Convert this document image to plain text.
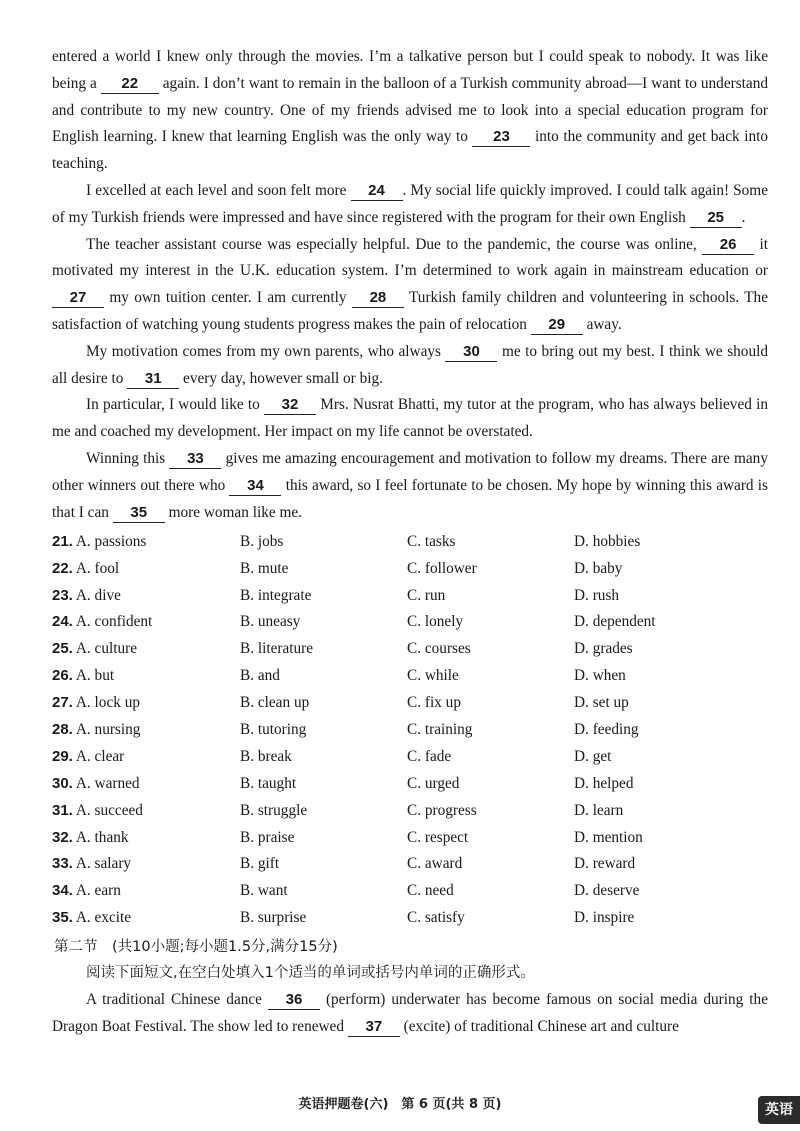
entered a world I knew only through the movies. I’m a talkative person but I could speak to nobody. It was like being a 22 again. I don’t want to remain in the balloon of a Turkish community abroad—I want to understand and contribute to my new country. One of my friends advised me to look into a special education program for English learning. I knew that learning English was the only way to 23 into the community and get back into teaching.

I excelled at each level and soon felt more 24 . My social life quickly improved. I could talk again! Some of my Turkish friends were impressed and have since registered with the program for their own English 25 .

The teacher assistant course was especially helpful. Due to the pandemic, the course was online, 26 it motivated my interest in the U.K. education system. I’m determined to work again in mainstream education or 27 my own tuition center. I am currently 28 Turkish family children and volunteering in schools. The satisfaction of watching young students progress makes the pain of relocation 29 away.

My motivation comes from my own parents, who always 30 me to bring out my best. I think we should all desire to 31 every day, however small or big.

In particular, I would like to 32 Mrs. Nusrat Bhatti, my tutor at the program, who has always believed in me and coached my development. Her impact on my life cannot be overstated.

Winning this 33 gives me amazing encouragement and motivation to follow my dreams. There are many other winners out there who 34 this award, so I feel fortunate to be chosen. My hope by winning this award is that I can 35 more woman like me.

21. A. passions	B. jobs	C. tasks	D. hobbies
22. A. fool	B. mute	C. follower	D. baby
23. A. dive	B. integrate	C. run	D. rush
24. A. confident	B. uneasy	C. lonely	D. dependent
25. A. culture	B. literature	C. courses	D. grades
26. A. but	B. and	C. while	D. when
27. A. lock up	B. clean up	C. fix up	D. set up
28. A. nursing	B. tutoring	C. training	D. feeding
29. A. clear	B. break	C. fade	D. get
30. A. warned	B. taught	C. urged	D. helped
31. A. succeed	B. struggle	C. progress	D. learn
32. A. thank	B. praise	C. respect	D. mention
33. A. salary	B. gift	C. award	D. reward
34. A. earn	B. want	C. need	D. deserve
35. A. excite	B. surprise	C. satisfy	D. inspire
第二节　(共10小题;每小题1.5分,满分15分)

阅读下面短文,在空白处填入1个适当的单词或括号内单词的正确形式。

A traditional Chinese dance 36 (perform) underwater has become famous on social media during the Dragon Boat Festival. The show led to renewed 37 (excite) of traditional Chinese art and culture

英语押题卷(六)　第 6 页(共 8 页)	英语
